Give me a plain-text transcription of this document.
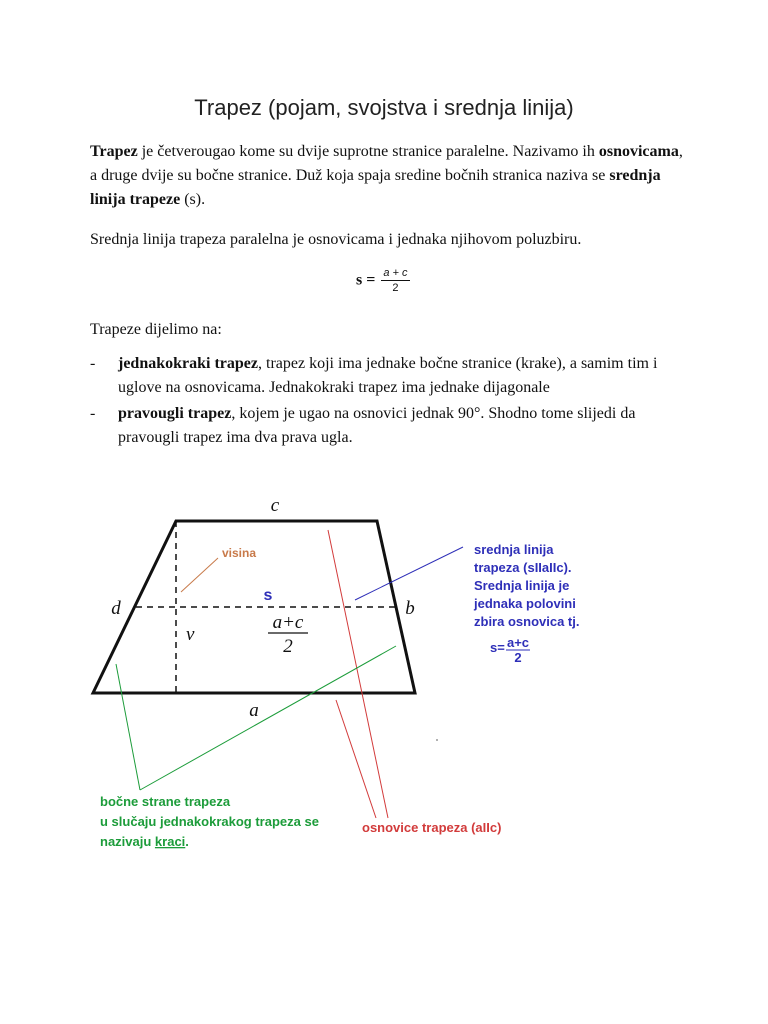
Trapez (pojam, svojstva i srednja linija)

Trapez je četverougao kome su dvije suprotne stranice paralelne. Nazivamo ih osnovicama, a druge dvije su bočne stranice. Duž koja spaja sredine bočnih stranica naziva se srednja linija trapeze (s).

Srednja linija trapeza paralelna je osnovicama i jednaka njihovom poluzbiru.

$s = \frac{a + c}{2}$

Trapeze dijelimo na:

- jednakokraki trapez, trapez koji ima jednake bočne stranice (krake), a samim tim i uglove na osnovicama. Jednakokraki trapez ima jednake dijagonale
- pravougli trapez, kojem je ugao na osnovici jednak 90°. Shodno tome slijedi da pravougli trapez ima dva prava ugla.
c
a
d	b
v
s
a+c
2
visina	srednja linija
trapeza (sIIaIIc).
Srednja linija je
jednaka polovini
zbira osnovica tj.
s= a+c
2
osnovice trapeza (aIIc)
bočne strane trapeza
u slučaju jednakokrakog trapeza se
nazivaju kraci.
